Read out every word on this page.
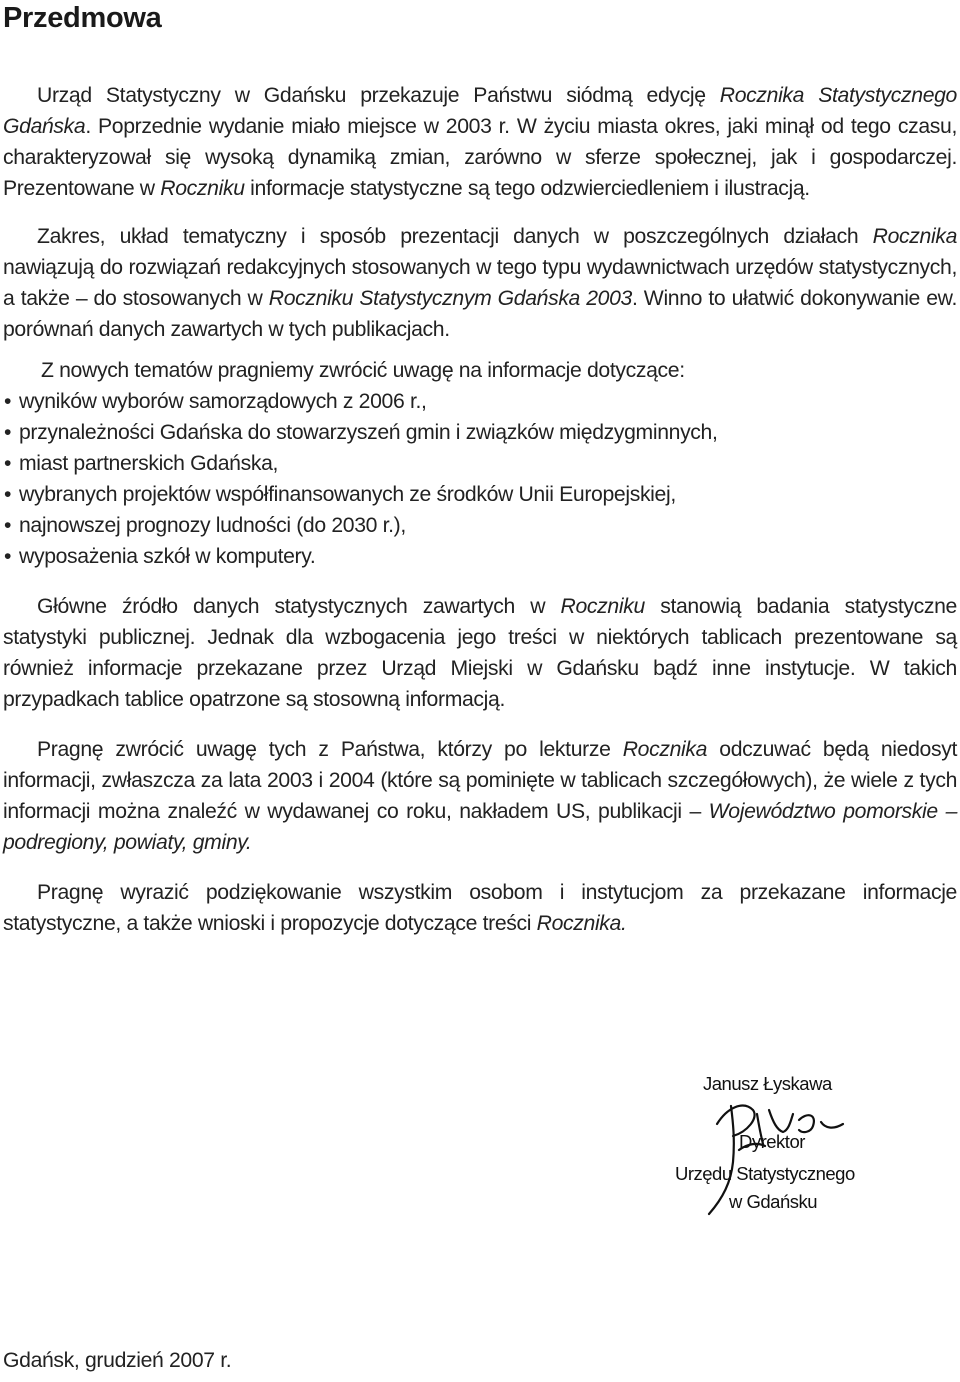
Przedmowa

Urząd Statystyczny w Gdańsku przekazuje Państwu siódmą edycję Rocznika Statystycznego Gdańska. Poprzednie wydanie miało miejsce w 2003 r. W życiu miasta okres, jaki minął od tego czasu, charakteryzował się wysoką dynamiką zmian, zarówno w sferze społecznej, jak i gospodarczej. Prezentowane w Roczniku informacje statystyczne są tego odzwierciedleniem i ilustracją.

Zakres, układ tematyczny i sposób prezentacji danych w poszczególnych działach Rocznika nawiązują do rozwiązań redakcyjnych stosowanych w tego typu wydawnictwach urzędów statystycznych, a także – do stosowanych w Roczniku Statystycznym Gdańska 2003. Winno to ułatwić dokonywanie ew. porównań danych zawartych w tych publikacjach.

Z nowych tematów pragniemy zwrócić uwagę na informacje dotyczące:

• wyników wyborów samorządowych z 2006 r.,
• przynależności Gdańska do stowarzyszeń gmin i związków międzygminnych,
• miast partnerskich Gdańska,
• wybranych projektów współfinansowanych ze środków Unii Europejskiej,
• najnowszej prognozy ludności (do 2030 r.),
• wyposażenia szkół w komputery.

Główne źródło danych statystycznych zawartych w Roczniku stanowią badania statystyczne statystyki publicznej. Jednak dla wzbogacenia jego treści w niektórych tablicach prezentowane są również informacje przekazane przez Urząd Miejski w Gdańsku bądź inne instytucje. W takich przypadkach tablice opatrzone są stosowną informacją.

Pragnę zwrócić uwagę tych z Państwa, którzy po lekturze Rocznika odczuwać będą niedosyt informacji, zwłaszcza za lata 2003 i 2004 (które są pominięte w tablicach szczegółowych), że wiele z tych informacji można znaleźć w wydawanej co roku, nakładem US, publikacji – Województwo pomorskie – podregiony, powiaty, gminy.

Pragnę wyrazić podziękowanie wszystkim osobom i instytucjom za przekazane informacje statystyczne, a także wnioski i propozycje dotyczące treści Rocznika.

Janusz Łyskawa
Dyrektor
Urzędu Statystycznego
w Gdańsku

Gdańsk, grudzień 2007 r.
